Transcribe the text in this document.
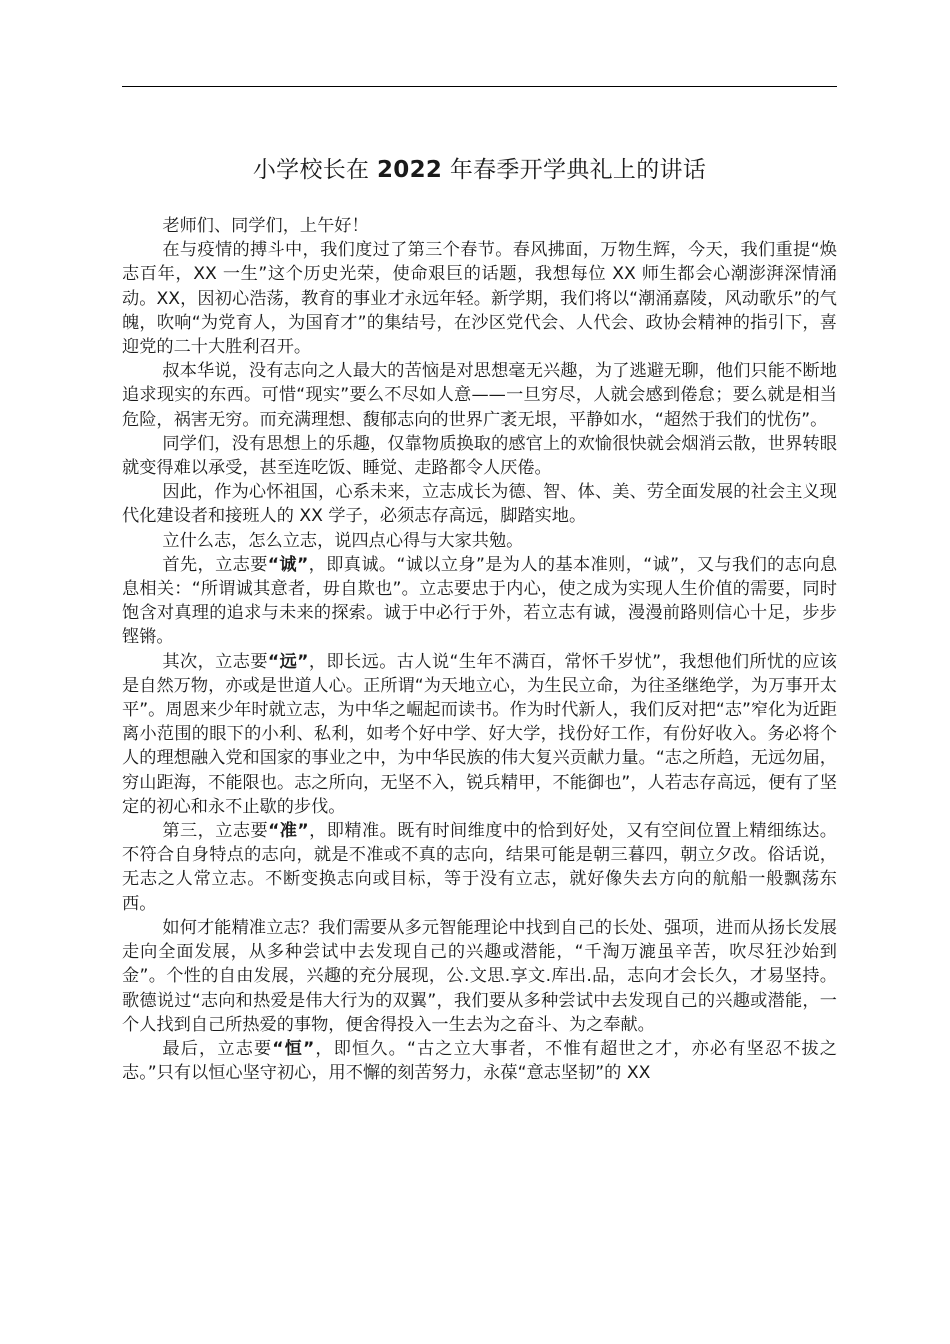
小学校长在 2022 年春季开学典礼上的讲话

老师们、同学们，上午好！

在与疫情的搏斗中，我们度过了第三个春节。春风拂面，万物生辉，今天，我们重提“焕志百年，XX 一生”这个历史光荣，使命艰巨的话题，我想每位 XX 师生都会心潮澎湃深情涌动。XX，因初心浩荡，教育的事业才永远年轻。新学期，我们将以“潮涌嘉陵，风动歌乐”的气魄，吹响“为党育人，为国育才”的集结号，在沙区党代会、人代会、政协会精神的指引下，喜迎党的二十大胜利召开。

叔本华说，没有志向之人最大的苦恼是对思想毫无兴趣，为了逃避无聊，他们只能不断地追求现实的东西。可惜“现实”要么不尽如人意——一旦穷尽，人就会感到倦怠；要么就是相当危险，祸害无穷。而充满理想、馥郁志向的世界广袤无垠，平静如水，“超然于我们的忧伤”。

同学们，没有思想上的乐趣，仅靠物质换取的感官上的欢愉很快就会烟消云散，世界转眼就变得难以承受，甚至连吃饭、睡觉、走路都令人厌倦。

因此，作为心怀祖国，心系未来，立志成长为德、智、体、美、劳全面发展的社会主义现代化建设者和接班人的 XX 学子，必须志存高远，脚踏实地。

立什么志，怎么立志，说四点心得与大家共勉。

首先，立志要“诚”，即真诚。“诚以立身”是为人的基本准则，“诚”，又与我们的志向息息相关：“所谓诚其意者，毋自欺也”。立志要忠于内心，使之成为实现人生价值的需要，同时饱含对真理的追求与未来的探索。诚于中必行于外，若立志有诚，漫漫前路则信心十足，步步铿锵。

其次，立志要“远”，即长远。古人说“生年不满百，常怀千岁忧”，我想他们所忧的应该是自然万物，亦或是世道人心。正所谓“为天地立心，为生民立命，为往圣继绝学，为万事开太平”。周恩来少年时就立志，为中华之崛起而读书。作为时代新人，我们反对把“志”窄化为近距离小范围的眼下的小利、私利，如考个好中学、好大学，找份好工作，有份好收入。务必将个人的理想融入党和国家的事业之中，为中华民族的伟大复兴贡献力量。“志之所趋，无远勿届，穷山距海，不能限也。志之所向，无坚不入，锐兵精甲，不能御也”，人若志存高远，便有了坚定的初心和永不止歇的步伐。

第三，立志要“准”，即精准。既有时间维度中的恰到好处，又有空间位置上精细练达。不符合自身特点的志向，就是不准或不真的志向，结果可能是朝三暮四，朝立夕改。俗话说，无志之人常立志。不断变换志向或目标，等于没有立志，就好像失去方向的航船一般飘荡东西。

如何才能精准立志？我们需要从多元智能理论中找到自己的长处、强项，进而从扬长发展走向全面发展，从多种尝试中去发现自己的兴趣或潜能，“千淘万漉虽辛苦，吹尽狂沙始到金”。个性的自由发展，兴趣的充分展现，公.文思.享文.库出.品，志向才会长久，才易坚持。歌德说过“志向和热爱是伟大行为的双翼”，我们要从多种尝试中去发现自己的兴趣或潜能，一个人找到自己所热爱的事物，便舍得投入一生去为之奋斗、为之奉献。

最后，立志要“恒”，即恒久。“古之立大事者，不惟有超世之才，亦必有坚忍不拔之志。”只有以恒心坚守初心，用不懈的刻苦努力，永葆“意志坚韧”的 XX
